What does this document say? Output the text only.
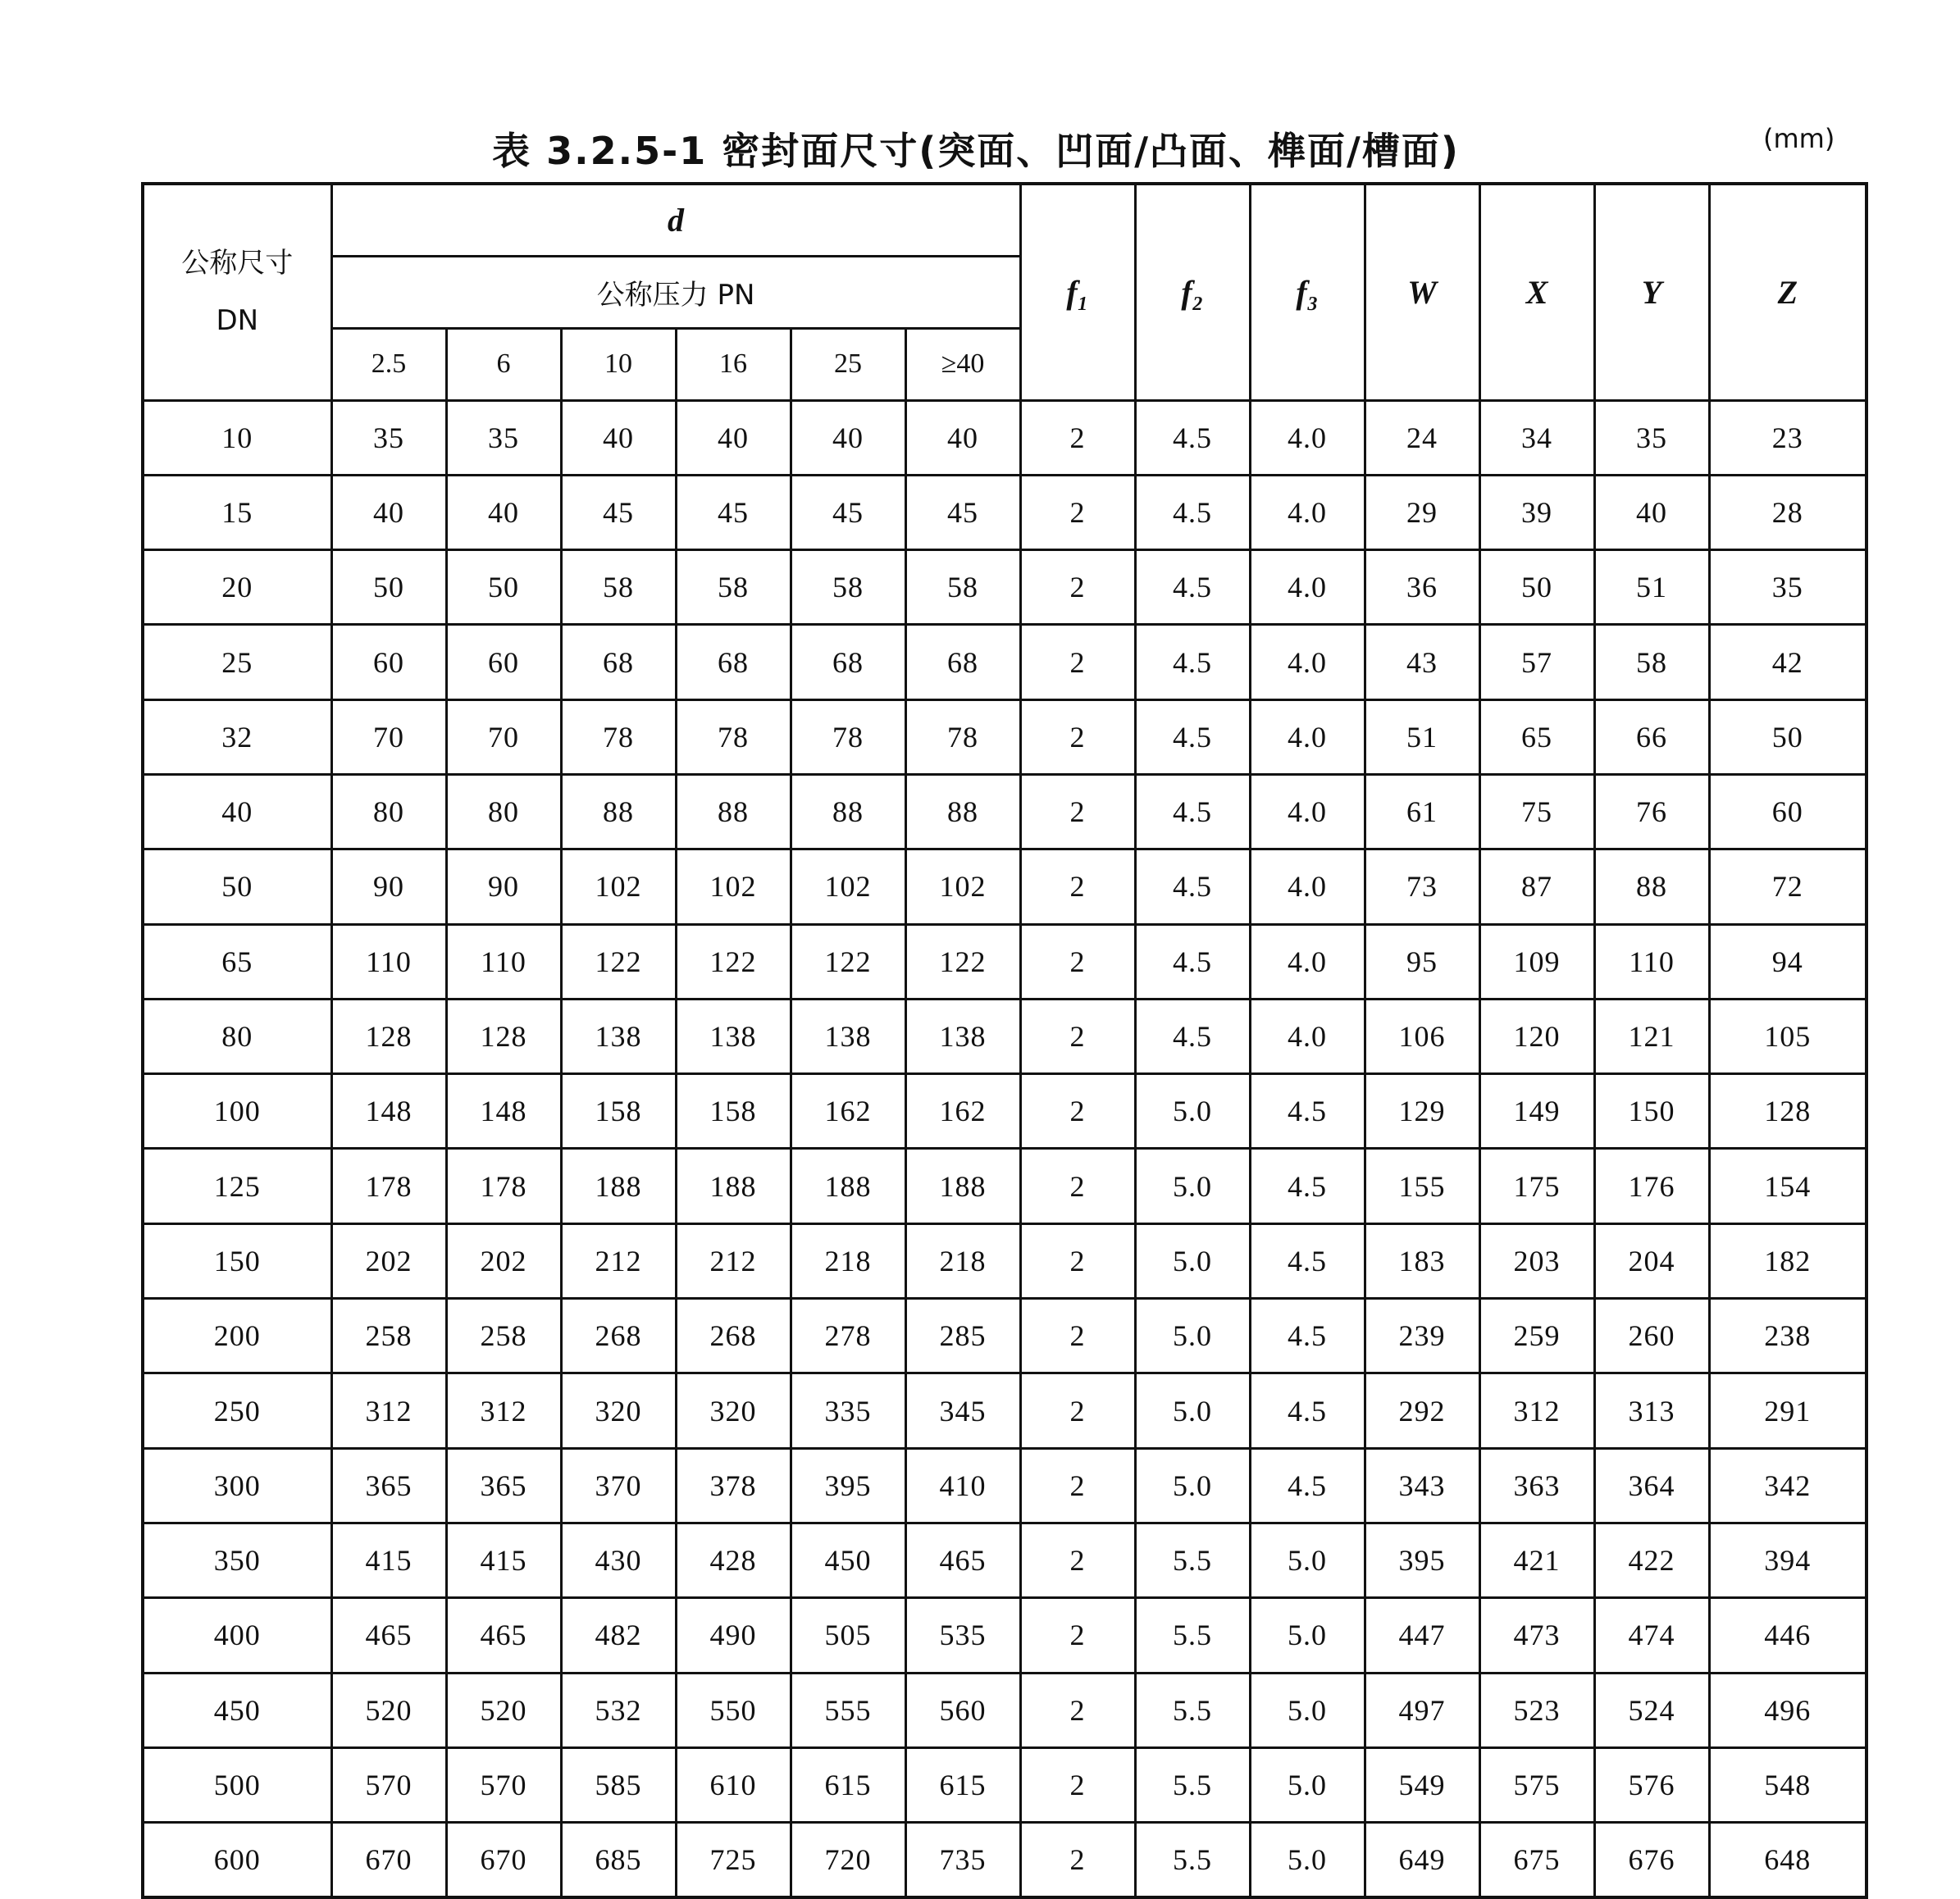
表 3.2.5-1 密封面尺寸(突面、凹面/凸面、榫面/槽面)	(mm)
公称尺寸
DN	d						f₁	f₂	f₃	W	X	Y	Z
	公称压力 PN												
	2.5	6	10	16	25	≥40							
10	35	35	40	40	40	40	2	4.5	4.0	24	34	35	23
15	40	40	45	45	45	45	2	4.5	4.0	29	39	40	28
20	50	50	58	58	58	58	2	4.5	4.0	36	50	51	35
25	60	60	68	68	68	68	2	4.5	4.0	43	57	58	42
32	70	70	78	78	78	78	2	4.5	4.0	51	65	66	50
40	80	80	88	88	88	88	2	4.5	4.0	61	75	76	60
50	90	90	102	102	102	102	2	4.5	4.0	73	87	88	72
65	110	110	122	122	122	122	2	4.5	4.0	95	109	110	94
80	128	128	138	138	138	138	2	4.5	4.0	106	120	121	105
100	148	148	158	158	162	162	2	5.0	4.5	129	149	150	128
125	178	178	188	188	188	188	2	5.0	4.5	155	175	176	154
150	202	202	212	212	218	218	2	5.0	4.5	183	203	204	182
200	258	258	268	268	278	285	2	5.0	4.5	239	259	260	238
250	312	312	320	320	335	345	2	5.0	4.5	292	312	313	291
300	365	365	370	378	395	410	2	5.0	4.5	343	363	364	342
350	415	415	430	428	450	465	2	5.5	5.0	395	421	422	394
400	465	465	482	490	505	535	2	5.5	5.0	447	473	474	446
450	520	520	532	550	555	560	2	5.5	5.0	497	523	524	496
500	570	570	585	610	615	615	2	5.5	5.0	549	575	576	548
600	670	670	685	725	720	735	2	5.5	5.0	649	675	676	648
